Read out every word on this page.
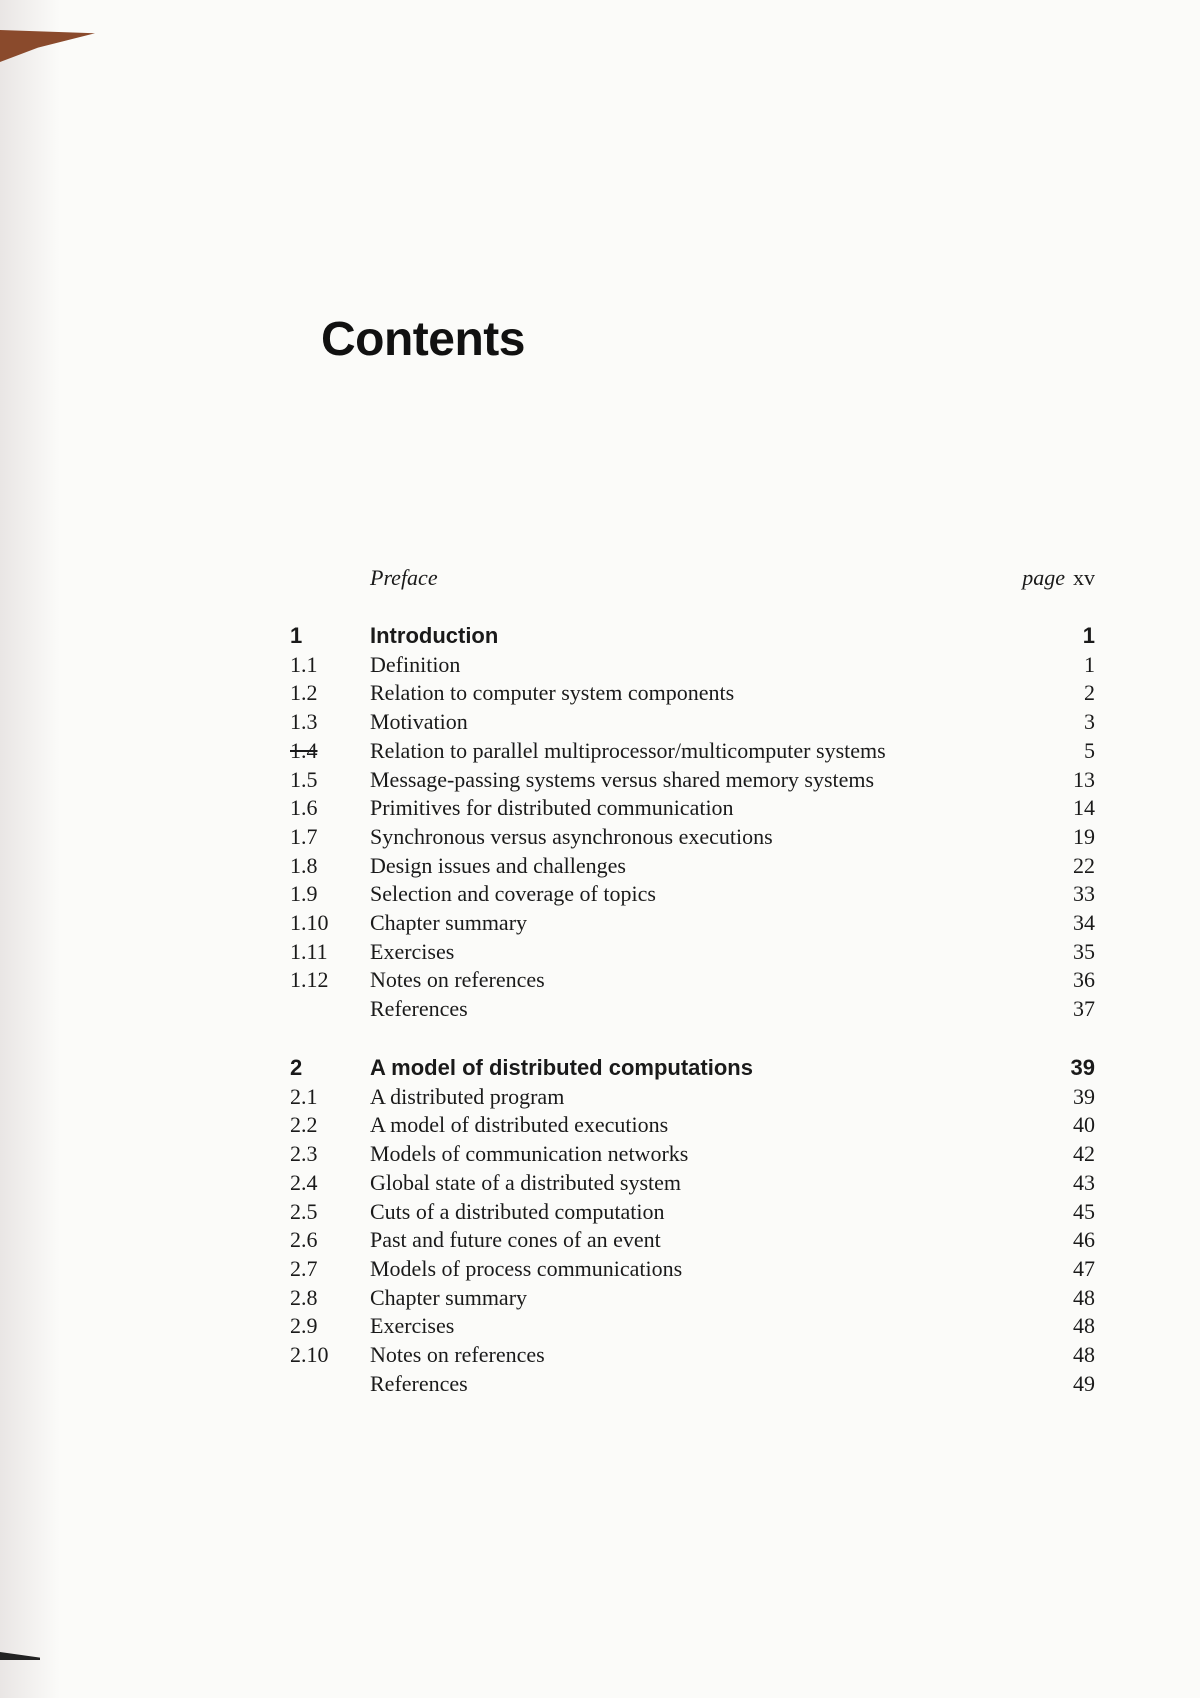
Contents
Preface	page xv
1	Introduction	1
1.1 Definition	1
1.2 Relation to computer system components	2
1.3 Motivation	3
1.4 Relation to parallel multiprocessor/multicomputer systems	5
1.5 Message-passing systems versus shared memory systems	13
1.6 Primitives for distributed communication	14
1.7 Synchronous versus asynchronous executions	19
1.8 Design issues and challenges	22
1.9 Selection and coverage of topics	33
1.10 Chapter summary	34
1.11 Exercises	35
1.12 Notes on references	36
References	37
2	A model of distributed computations	39
2.1 A distributed program	39
2.2 A model of distributed executions	40
2.3 Models of communication networks	42
2.4 Global state of a distributed system	43
2.5 Cuts of a distributed computation	45
2.6 Past and future cones of an event	46
2.7 Models of process communications	47
2.8 Chapter summary	48
2.9 Exercises	48
2.10 Notes on references	48
References	49
